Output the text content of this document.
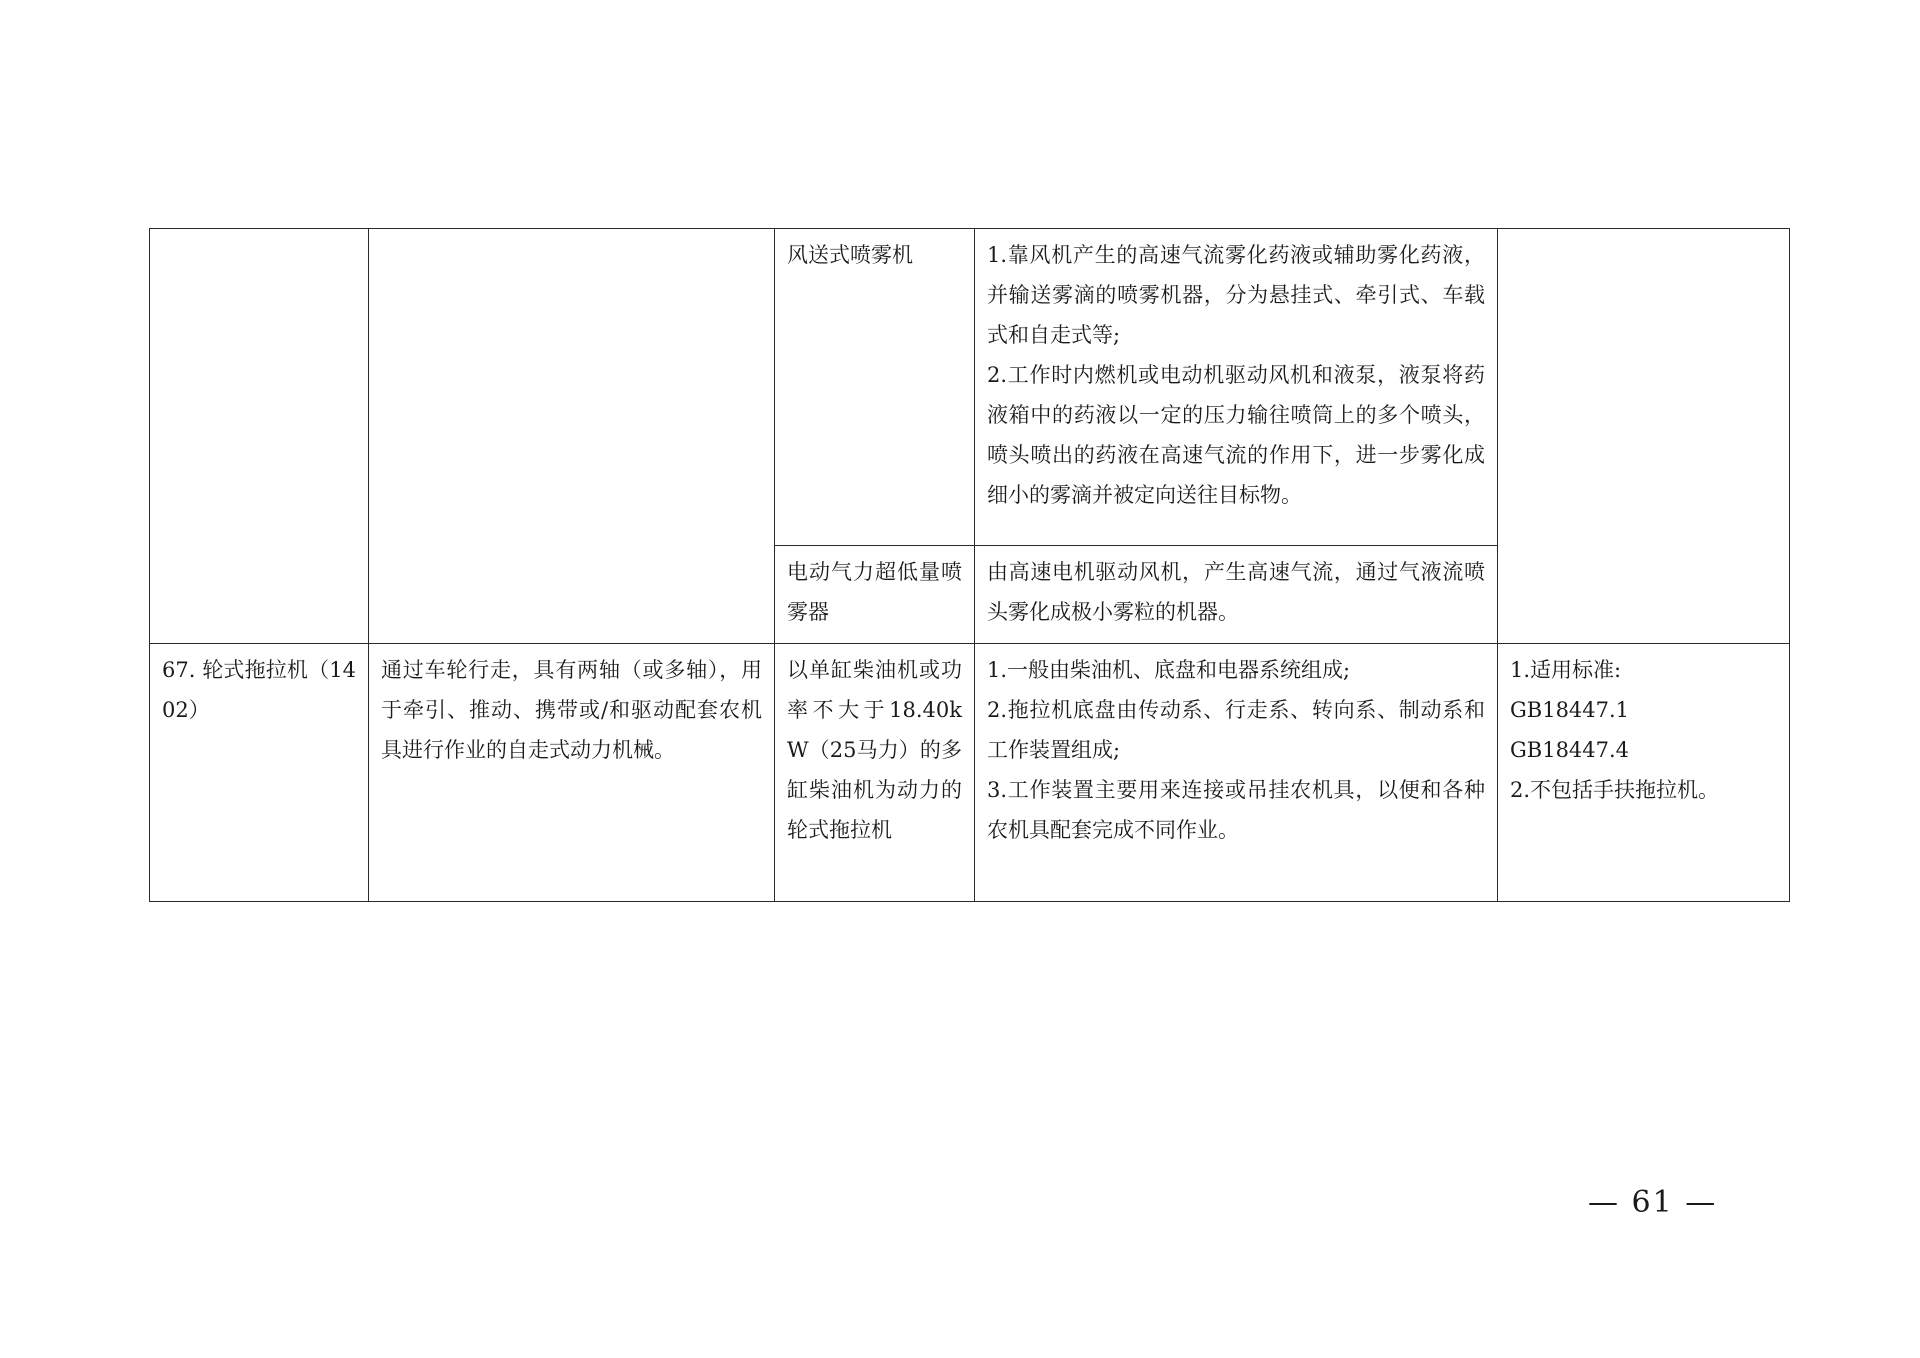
		风送式喷雾机	1.靠风机产生的高速气流雾化药液或辅助雾化药液，并输送雾滴的喷雾机器，分为悬挂式、牵引式、车载式和自走式等;
2.工作时内燃机或电动机驱动风机和液泵，液泵将药液箱中的药液以一定的压力输往喷筒上的多个喷头，喷头喷出的药液在高速气流的作用下，进一步雾化成细小的雾滴并被定向送往目标物。	

		电动气力超低量喷雾器	由高速电机驱动风机，产生高速气流，通过气液流喷头雾化成极小雾粒的机器。	

67. 轮式拖拉机（1402）	通过车轮行走，具有两轴（或多轴），用于牵引、推动、携带或/和驱动配套农机具进行作业的自走式动力机械。	以单缸柴油机或功率不大于18.40kW（25马力）的多缸柴油机为动力的轮式拖拉机	1.一般由柴油机、底盘和电器系统组成;
2.拖拉机底盘由传动系、行走系、转向系、制动系和工作装置组成;
3.工作装置主要用来连接或吊挂农机具，以便和各种农机具配套完成不同作业。	1.适用标准:
GB18447.1
GB18447.4
2.不包括手扶拖拉机。
— 61 —
